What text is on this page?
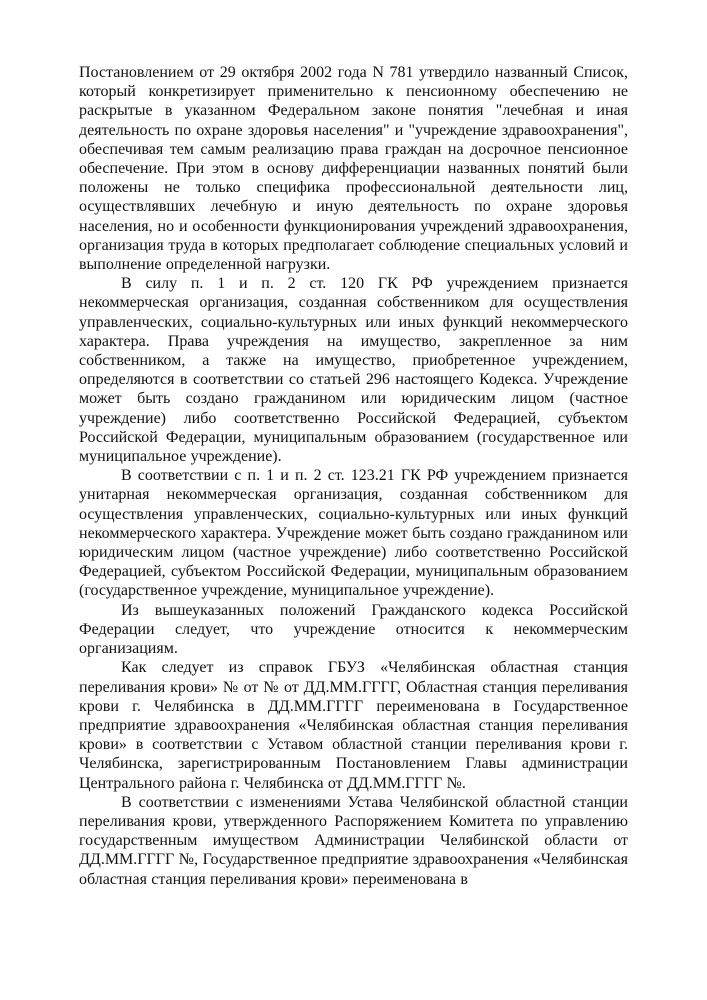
Постановлением от 29 октября 2002 года N 781 утвердило названный Список, который конкретизирует применительно к пенсионному обеспечению не раскрытые в указанном Федеральном законе понятия "лечебная и иная деятельность по охране здоровья населения" и "учреждение здравоохранения", обеспечивая тем самым реализацию права граждан на досрочное пенсионное обеспечение. При этом в основу дифференциации названных понятий были положены не только специфика профессиональной деятельности лиц, осуществлявших лечебную и иную деятельность по охране здоровья населения, но и особенности функционирования учреждений здравоохранения, организация труда в которых предполагает соблюдение специальных условий и выполнение определенной нагрузки.

В силу п. 1 и п. 2 ст. 120 ГК РФ учреждением признается некоммерческая организация, созданная собственником для осуществления управленческих, социально-культурных или иных функций некоммерческого характера. Права учреждения на имущество, закрепленное за ним собственником, а также на имущество, приобретенное учреждением, определяются в соответствии со статьей 296 настоящего Кодекса. Учреждение может быть создано гражданином или юридическим лицом (частное учреждение) либо соответственно Российской Федерацией, субъектом Российской Федерации, муниципальным образованием (государственное или муниципальное учреждение).

В соответствии с п. 1 и п. 2 ст. 123.21 ГК РФ учреждением признается унитарная некоммерческая организация, созданная собственником для осуществления управленческих, социально-культурных или иных функций некоммерческого характера. Учреждение может быть создано гражданином или юридическим лицом (частное учреждение) либо соответственно Российской Федерацией, субъектом Российской Федерации, муниципальным образованием (государственное учреждение, муниципальное учреждение).

Из вышеуказанных положений Гражданского кодекса Российской Федерации следует, что учреждение относится к некоммерческим организациям.

Как следует из справок ГБУЗ «Челябинская областная станция переливания крови» № от № от ДД.ММ.ГГГГ, Областная станция переливания крови г. Челябинска в ДД.ММ.ГГГГ переименована в Государственное предприятие здравоохранения «Челябинская областная станция переливания крови» в соответствии с Уставом областной станции переливания крови г. Челябинска, зарегистрированным Постановлением Главы администрации Центрального района г. Челябинска от ДД.ММ.ГГГГ №.

В соответствии с изменениями Устава Челябинской областной станции переливания крови, утвержденного Распоряжением Комитета по управлению государственным имуществом Администрации Челябинской области от ДД.ММ.ГГГГ №, Государственное предприятие здравоохранения «Челябинская областная станция переливания крови» переименована в
